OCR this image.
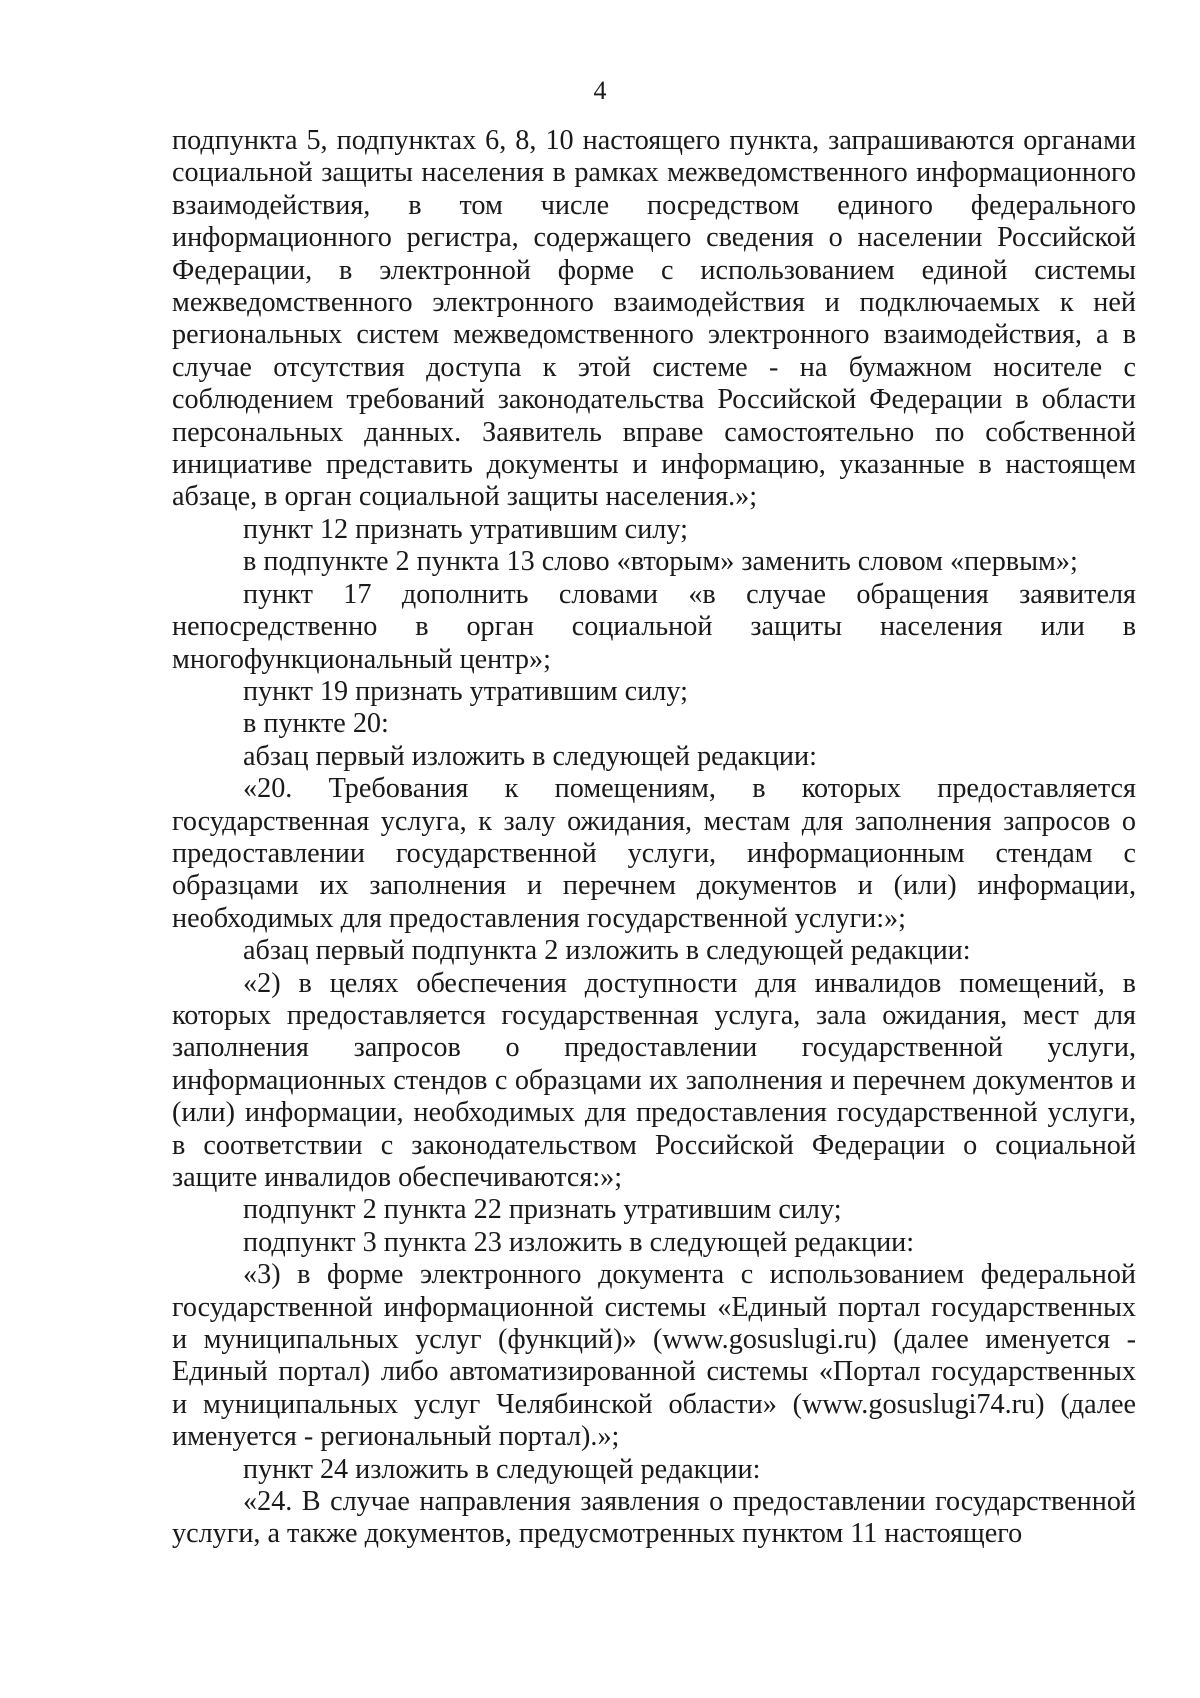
4

подпункта 5, подпунктах 6, 8, 10 настоящего пункта, запрашиваются органами социальной защиты населения в рамках межведомственного информационного взаимодействия, в том числе посредством единого федерального информационного регистра, содержащего сведения о населении Российской Федерации, в электронной форме с использованием единой системы межведомственного электронного взаимодействия и подключаемых к ней региональных систем межведомственного электронного взаимодействия, а в случае отсутствия доступа к этой системе - на бумажном носителе с соблюдением требований законодательства Российской Федерации в области персональных данных. Заявитель вправе самостоятельно по собственной инициативе представить документы и информацию, указанные в настоящем абзаце, в орган социальной защиты населения.»;

пункт 12 признать утратившим силу;

в подпункте 2 пункта 13 слово «вторым» заменить словом «первым»;

пункт 17 дополнить словами «в случае обращения заявителя непосредственно в орган социальной защиты населения или в многофункциональный центр»;

пункт 19 признать утратившим силу;

в пункте 20:

абзац первый изложить в следующей редакции:

«20. Требования к помещениям, в которых предоставляется государственная услуга, к залу ожидания, местам для заполнения запросов о предоставлении государственной услуги, информационным стендам с образцами их заполнения и перечнем документов и (или) информации, необходимых для предоставления государственной услуги:»;

абзац первый подпункта 2 изложить в следующей редакции:

«2) в целях обеспечения доступности для инвалидов помещений, в которых предоставляется государственная услуга, зала ожидания, мест для заполнения запросов о предоставлении государственной услуги, информационных стендов с образцами их заполнения и перечнем документов и (или) информации, необходимых для предоставления государственной услуги, в соответствии с законодательством Российской Федерации о социальной защите инвалидов обеспечиваются:»;

подпункт 2 пункта 22 признать утратившим силу;

подпункт 3 пункта 23 изложить в следующей редакции:

«3) в форме электронного документа с использованием федеральной государственной информационной системы «Единый портал государственных и муниципальных услуг (функций)» (www.gosuslugi.ru) (далее именуется - Единый портал) либо автоматизированной системы «Портал государственных и муниципальных услуг Челябинской области» (www.gosuslugi74.ru) (далее именуется - региональный портал).»;

пункт 24 изложить в следующей редакции:

«24. В случае направления заявления о предоставлении государственной услуги, а также документов, предусмотренных пунктом 11 настоящего
